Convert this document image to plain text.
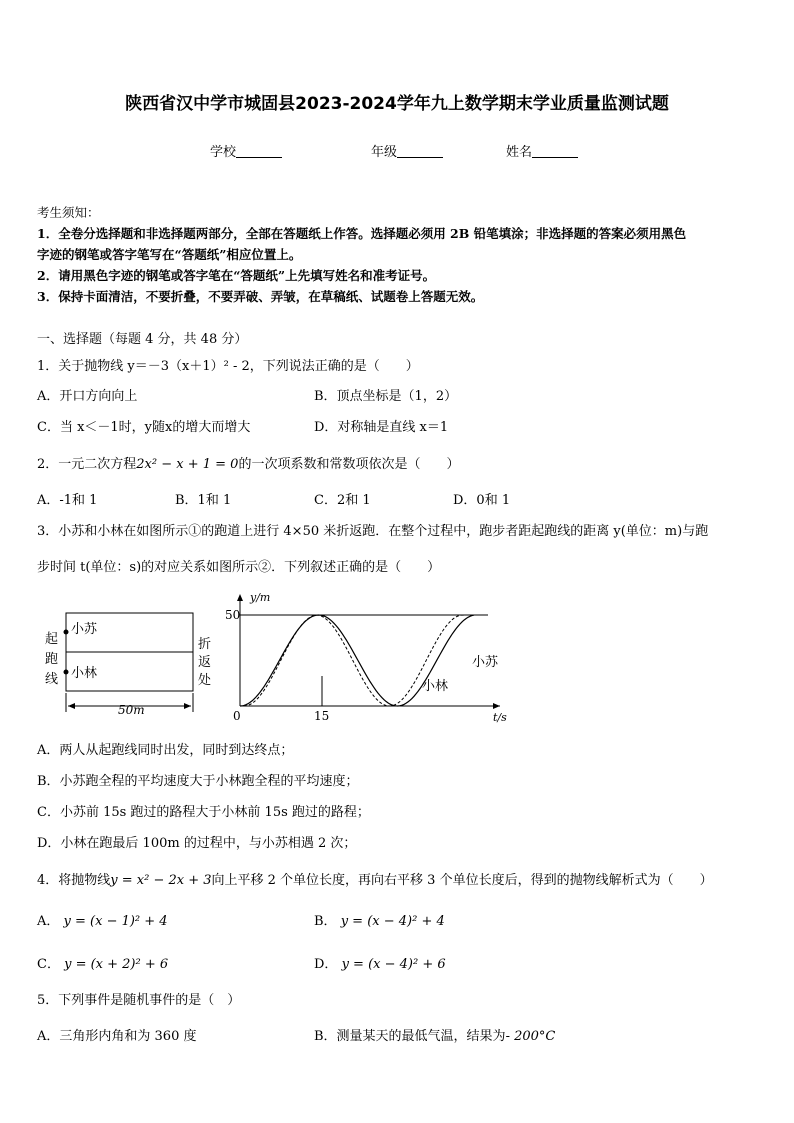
陕西省汉中学市城固县2023-2024学年九上数学期末学业质量监测试题
学校	年级	姓名
考生须知：
1．全卷分选择题和非选择题两部分，全部在答题纸上作答。选择题必须用 2B 铅笔填涂；非选择题的答案必须用黑色
字迹的钢笔或答字笔写在“答题纸”相应位置上。
2．请用黑色字迹的钢笔或答字笔在“答题纸”上先填写姓名和准考证号。
3．保持卡面清洁，不要折叠，不要弄破、弄皱，在草稿纸、试题卷上答题无效。
一、选择题（每题 4 分，共 48 分）
1．关于抛物线 y＝－3（x＋1）² - 2，下列说法正确的是（　　）
A．开口方向向上	B．顶点坐标是（1，2）
C．当 x＜－1时，y随x的增大而增大	D．对称轴是直线 x＝1
2．一元二次方程2x² − x + 1 = 0的一次项系数和常数项依次是（　　）
A．-1和 1	B．1和 1	C．2和 1	D．0和 1
3．小苏和小林在如图所示①的跑道上进行 4×50 米折返跑．在整个过程中，跑步者距起跑线的距离 y(单位：m)与跑
步时间 t(单位：s)的对应关系如图所示②．下列叙述正确的是（　　）
小苏
小林
起跑线
折返处
50m
y/m
t/s
0
50
15
小苏
小林
A．两人从起跑线同时出发，同时到达终点；
B．小苏跑全程的平均速度大于小林跑全程的平均速度；
C．小苏前 15s 跑过的路程大于小林前 15s 跑过的路程；
D．小林在跑最后 100m 的过程中，与小苏相遇 2 次；
4．将抛物线y = x² − 2x + 3向上平移 2 个单位长度，再向右平移 3 个单位长度后，得到的抛物线解析式为（　　）
A． y = (x − 1)² + 4	B． y = (x − 4)² + 4
C． y = (x + 2)² + 6	D． y = (x − 4)² + 6
5．下列事件是随机事件的是（　）
A．三角形内角和为 360 度	B．测量某天的最低气温，结果为- 200°C
